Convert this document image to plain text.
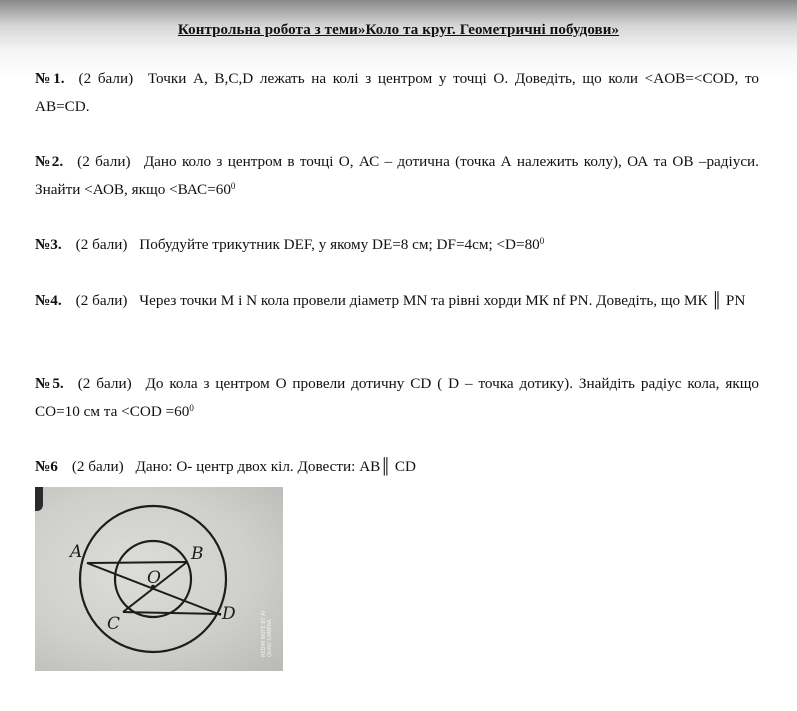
Контрольна робота з теми»Коло та круг. Геометричні побудови»
№1. (2 бали) Точки А, В,С,D лежать на колі з центром у точці О. Доведіть, що коли <AOB=<COD, то AB=CD.
№2. (2 бали) Дано коло з центром в точці О, АС – дотична (точка А належить колу), ОА та ОВ –радіуси. Знайти <АОВ, якщо $<ВАС=60^0$
№3. (2 бали) Побудуйте трикутник DEF, у якому DE=8 см; DF=4см; $<D=80^0$
№4. (2 бали) Через точки М і N кола провели діаметр MN та рівні хорди МК nf PN. Доведіть, що МК ║ PN
№5. (2 бали) До кола з центром О провели дотичну CD ( D – точка дотику). Знайдіть радіус кола, якщо СО=10 см та $<COD =60^0$
№6 (2 бали) Дано: О- центр двох кіл. Довести: AB║ CD
A	B
O
C	D	REDMI NOTE 8T AI QUAD CAMERA
